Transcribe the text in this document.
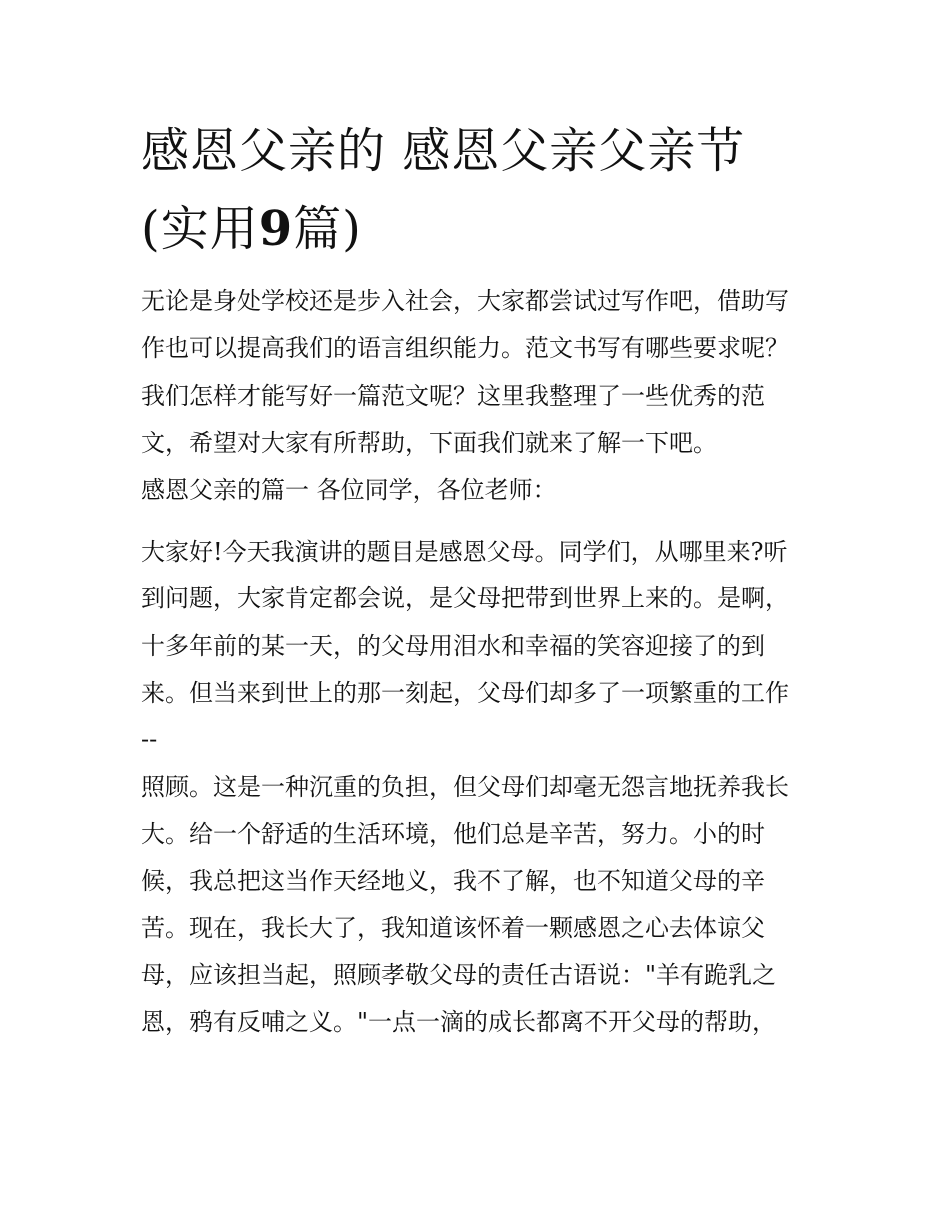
感恩父亲的 感恩父亲父亲节
(实用9篇)
无论是身处学校还是步入社会，大家都尝试过写作吧，借助写
作也可以提高我们的语言组织能力。范文书写有哪些要求呢？
我们怎样才能写好一篇范文呢？这里我整理了一些优秀的范
文，希望对大家有所帮助，下面我们就来了解一下吧。
感恩父亲的篇一 各位同学，各位老师：
大家好!今天我演讲的题目是感恩父母。同学们，从哪里来?听
到问题，大家肯定都会说，是父母把带到世界上来的。是啊，
十多年前的某一天，的父母用泪水和幸福的笑容迎接了的到
来。但当来到世上的那一刻起，父母们却多了一项繁重的工作
--
照顾。这是一种沉重的负担，但父母们却毫无怨言地抚养我长
大。给一个舒适的生活环境，他们总是辛苦，努力。小的时
候，我总把这当作天经地义，我不了解，也不知道父母的辛
苦。现在，我长大了，我知道该怀着一颗感恩之心去体谅父
母，应该担当起，照顾孝敬父母的责任古语说："羊有跪乳之
恩，鸦有反哺之义。"一点一滴的成长都离不开父母的帮助，
